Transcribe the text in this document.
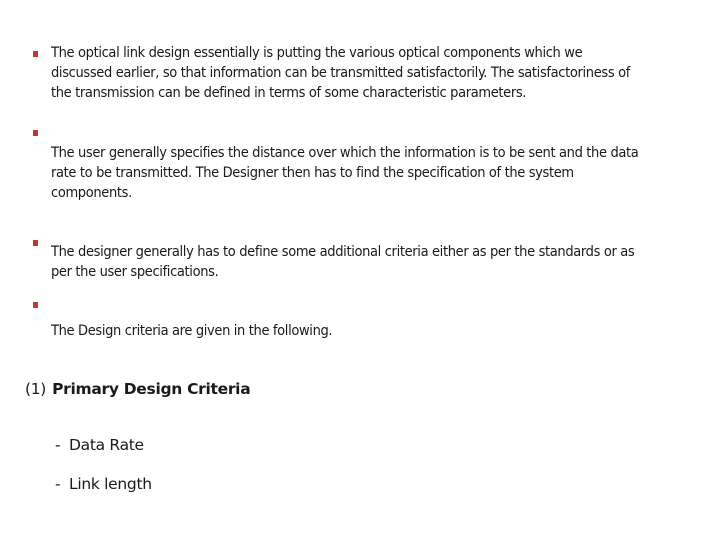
The optical link design essentially is putting the various optical components which we discussed earlier, so that information can be transmitted satisfactorily. The satisfactoriness of the transmission can be defined in terms of some characteristic parameters.
The user generally specifies the distance over which the information is to be sent and the data rate to be transmitted. The Designer then has to find the specification of the system components.
The designer generally has to define some additional criteria either as per the standards or as per the user specifications.
The Design criteria are given in the following.
(1) Primary Design Criteria
- Data Rate
- Link length
